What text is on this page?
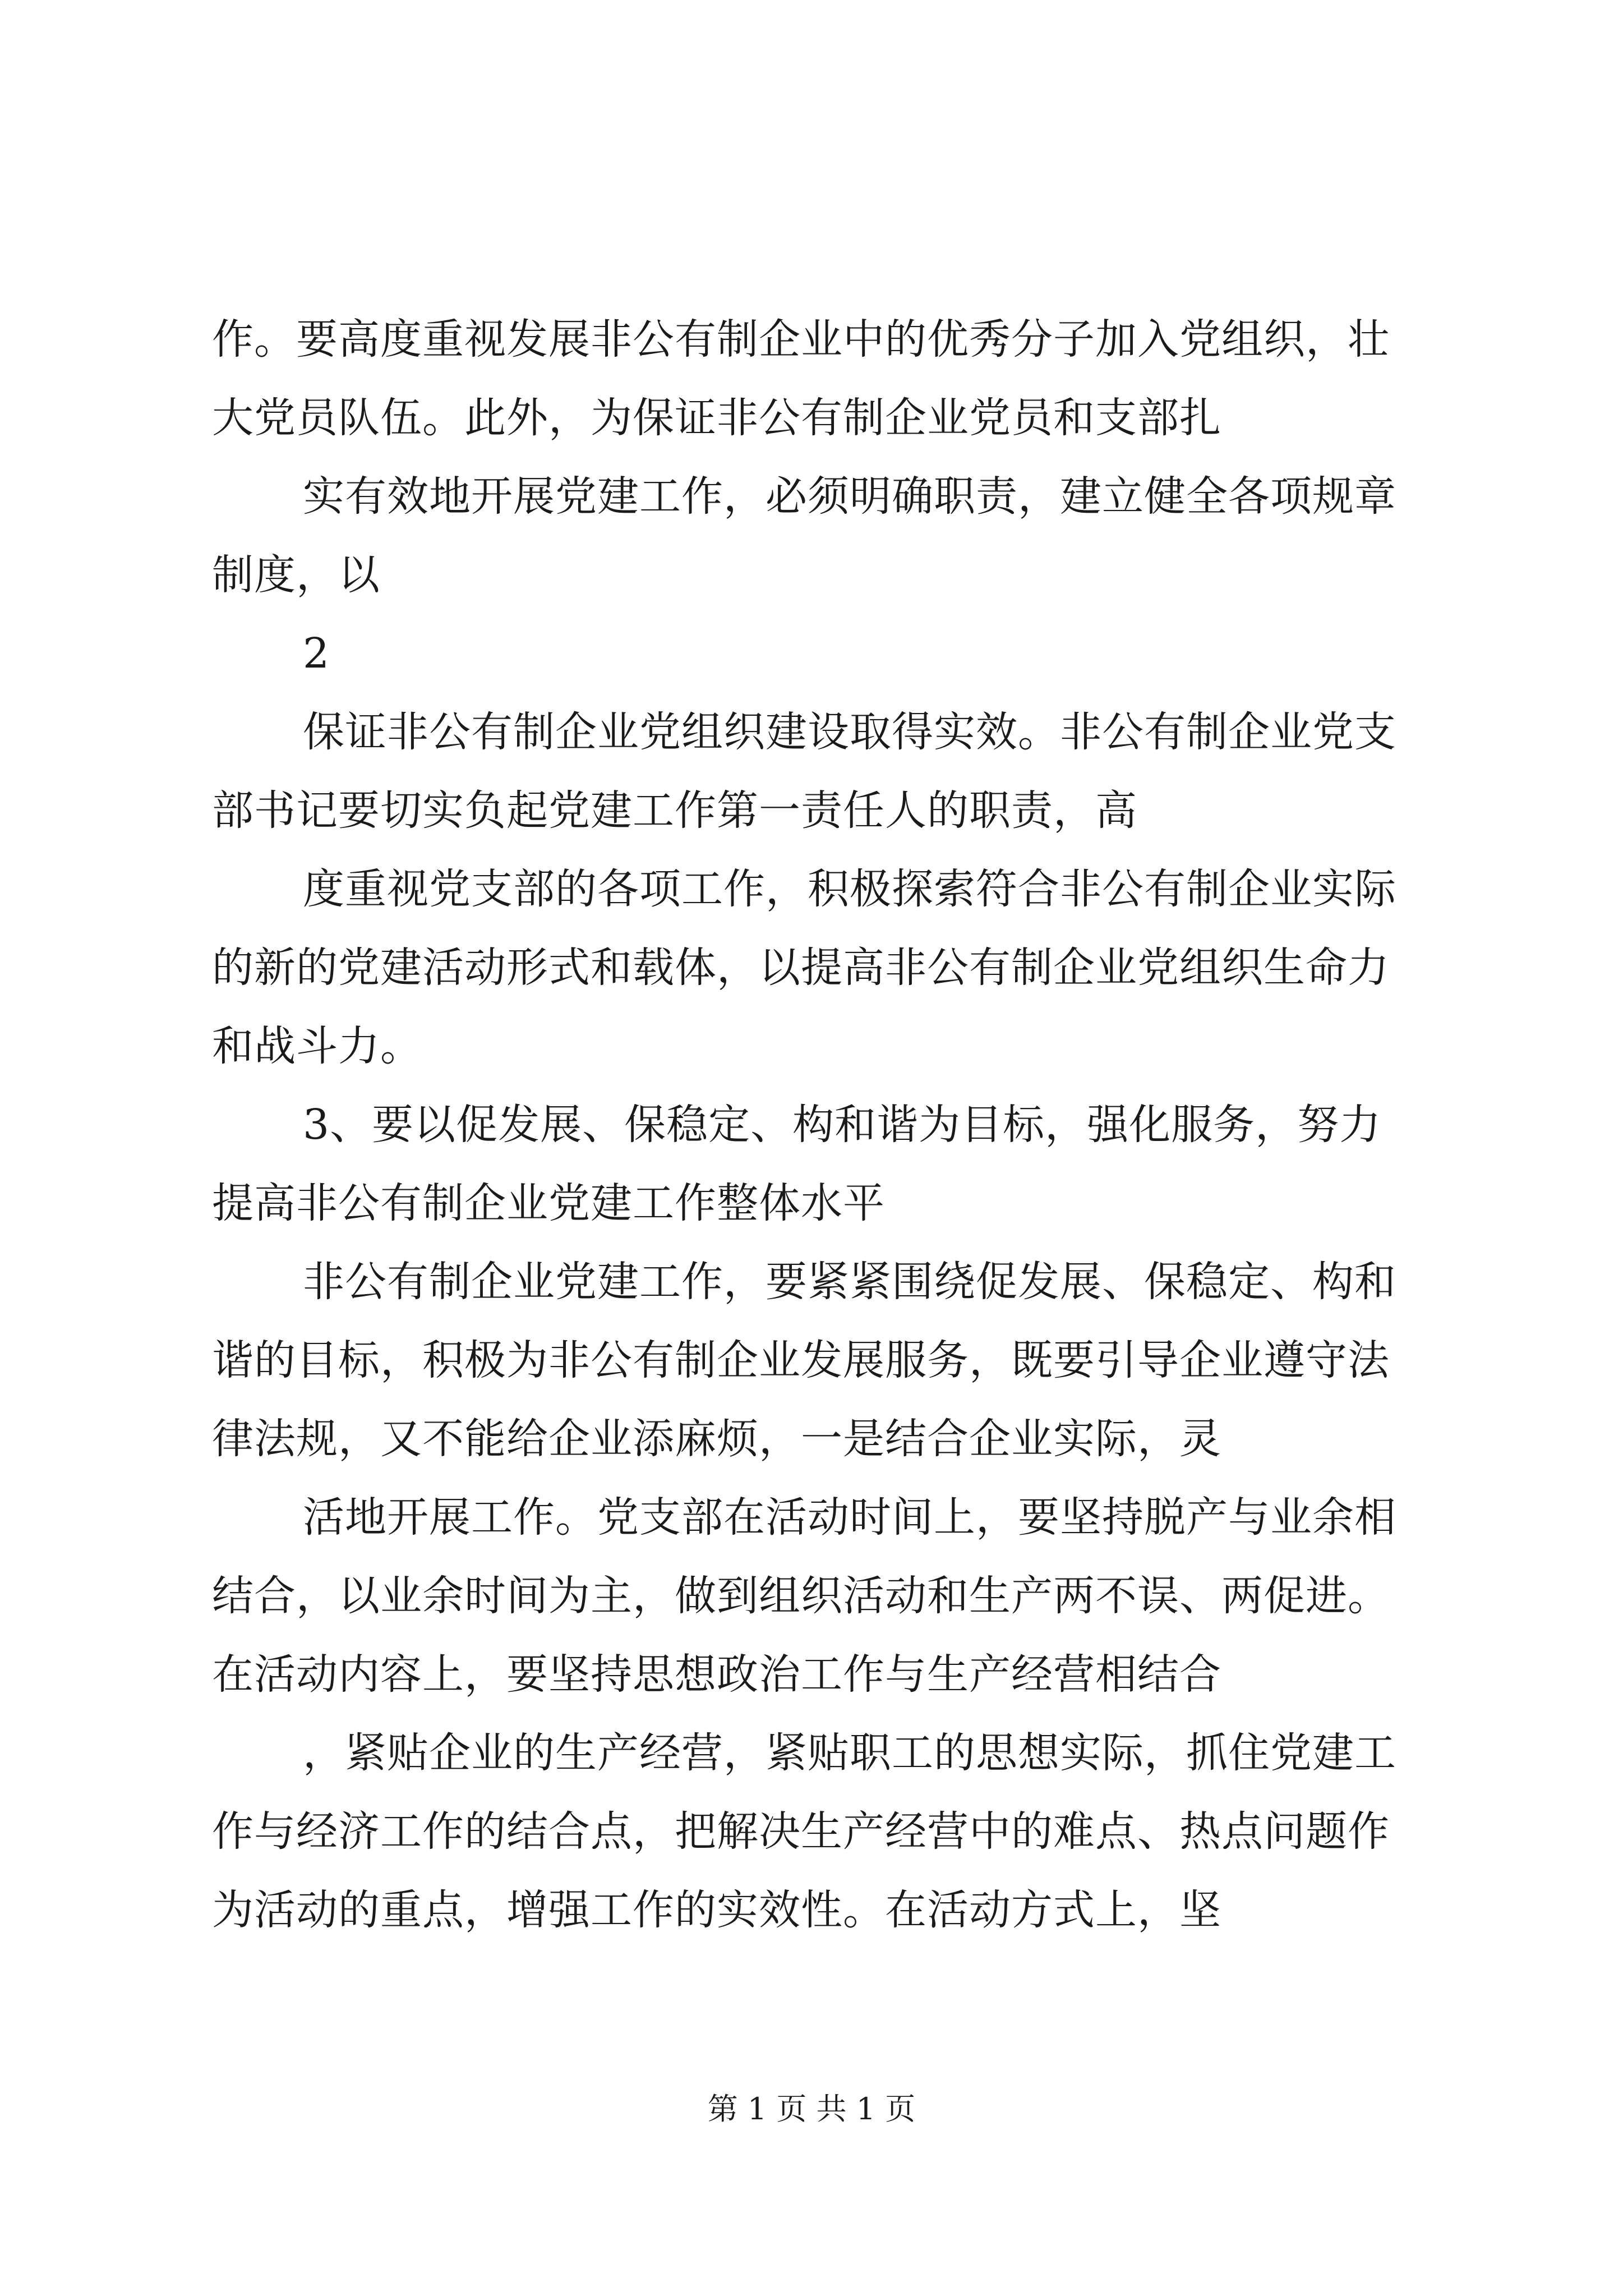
作。要高度重视发展非公有制企业中的优秀分子加入党组织，壮
大党员队伍。此外，为保证非公有制企业党员和支部扎
实有效地开展党建工作，必须明确职责，建立健全各项规章
制度，以
2
保证非公有制企业党组织建设取得实效。非公有制企业党支
部书记要切实负起党建工作第一责任人的职责，高
度重视党支部的各项工作，积极探索符合非公有制企业实际
的新的党建活动形式和载体，以提高非公有制企业党组织生命力
和战斗力。
3、要以促发展、保稳定、构和谐为目标，强化服务，努力
提高非公有制企业党建工作整体水平
非公有制企业党建工作，要紧紧围绕促发展、保稳定、构和
谐的目标，积极为非公有制企业发展服务，既要引导企业遵守法
律法规，又不能给企业添麻烦，一是结合企业实际，灵
活地开展工作。党支部在活动时间上，要坚持脱产与业余相
结合，以业余时间为主，做到组织活动和生产两不误、两促进。
在活动内容上，要坚持思想政治工作与生产经营相结合
，紧贴企业的生产经营，紧贴职工的思想实际，抓住党建工
作与经济工作的结合点，把解决生产经营中的难点、热点问题作
为活动的重点，增强工作的实效性。在活动方式上，坚
第 1 页 共 1 页
